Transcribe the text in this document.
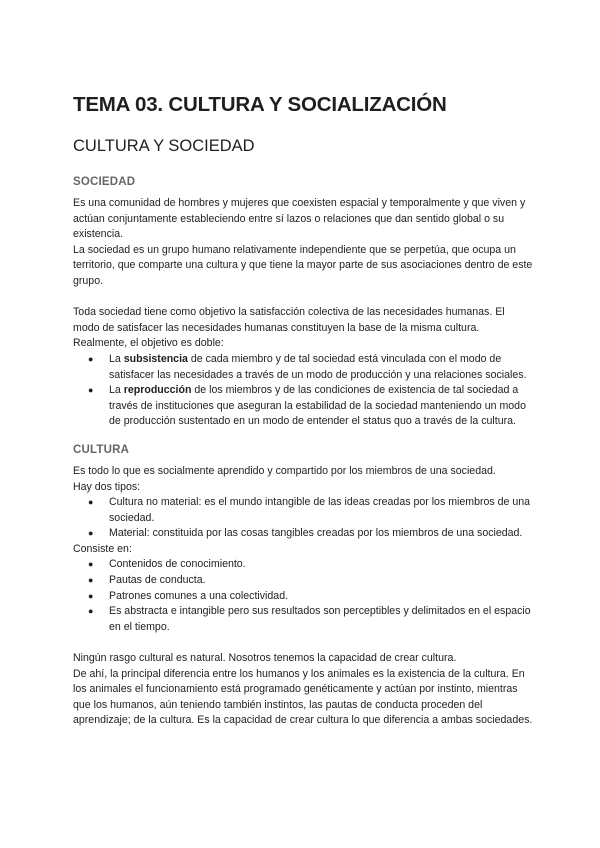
TEMA 03. CULTURA Y SOCIALIZACIÓN
CULTURA Y SOCIEDAD
SOCIEDAD

Es una comunidad de hombres y mujeres que coexisten espacial y temporalmente y que viven y actúan conjuntamente estableciendo entre sí lazos o relaciones que dan sentido global o su existencia.

La sociedad es un grupo humano relativamente independiente que se perpetúa, que ocupa un territorio, que comparte una cultura y que tiene la mayor parte de sus asociaciones dentro de este grupo.

Toda sociedad tiene como objetivo la satisfacción colectiva de las necesidades humanas. El modo de satisfacer las necesidades humanas constituyen la base de la misma cultura.

Realmente, el objetivo es doble:

● La subsistencia de cada miembro y de tal sociedad está vinculada con el modo de satisfacer las necesidades a través de un modo de producción y una relaciones sociales.
● La reproducción de los miembros y de las condiciones de existencia de tal sociedad a través de instituciones que aseguran la estabilidad de la sociedad manteniendo un modo de producción sustentado en un modo de entender el status quo a través de la cultura.
CULTURA

Es todo lo que es socialmente aprendido y compartido por los miembros de una sociedad.

Hay dos tipos:

● Cultura no material: es el mundo intangible de las ideas creadas por los miembros de una sociedad.
● Material: constituida por las cosas tangibles creadas por los miembros de una sociedad.

Consiste en:

● Contenidos de conocimiento.
● Pautas de conducta.
● Patrones comunes a una colectividad.
● Es abstracta e intangible pero sus resultados son perceptibles y delimitados en el espacio en el tiempo.

Ningún rasgo cultural es natural. Nosotros tenemos la capacidad de crear cultura.

De ahí, la principal diferencia entre los humanos y los animales es la existencia de la cultura. En los animales el funcionamiento está programado genéticamente y actúan por instinto, mientras que los humanos, aún teniendo también instintos, las pautas de conducta proceden del aprendizaje; de la cultura. Es la capacidad de crear cultura lo que diferencia a ambas sociedades.
